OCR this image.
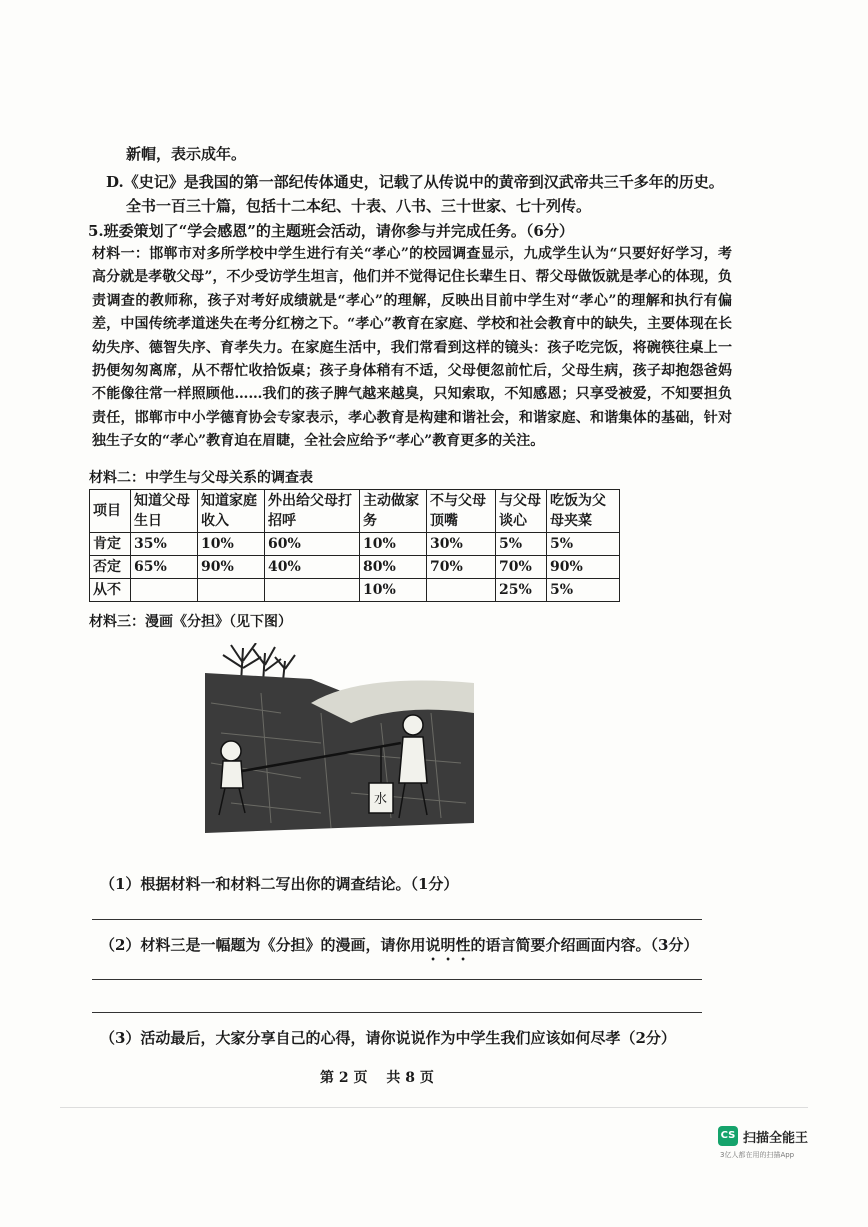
新帽，表示成年。
D.《史记》是我国的第一部纪传体通史，记载了从传说中的黄帝到汉武帝共三千多年的历史。
全书一百三十篇，包括十二本纪、十表、八书、三十世家、七十列传。
5.班委策划了“学会感恩”的主题班会活动，请你参与并完成任务。（6分）

材料一：邯郸市对多所学校中学生进行有关“孝心”的校园调查显示，九成学生认为“只要好好学习，考高分就是孝敬父母”，不少受访学生坦言，他们并不觉得记住长辈生日、帮父母做饭就是孝心的体现，负责调查的教师称，孩子对考好成绩就是“孝心”的理解，反映出目前中学生对“孝心”的理解和执行有偏差，中国传统孝道迷失在考分红榜之下。“孝心”教育在家庭、学校和社会教育中的缺失，主要体现在长幼失序、德智失序、育孝失力。在家庭生活中，我们常看到这样的镜头：孩子吃完饭，将碗筷往桌上一扔便匆匆离席，从不帮忙收拾饭桌；孩子身体稍有不适，父母便忽前忙后，父母生病，孩子却抱怨爸妈不能像往常一样照顾他……我们的孩子脾气越来越臭，只知索取，不知感恩；只享受被爱，不知要担负责任，邯郸市中小学德育协会专家表示，孝心教育是构建和谐社会，和谐家庭、和谐集体的基础，针对独生子女的“孝心”教育迫在眉睫，全社会应给予“孝心”教育更多的关注。

材料二：中学生与父母关系的调查表
项目	知道父母生日	知道家庭收入	外出给父母打招呼	主动做家务	不与父母顶嘴	与父母谈心	吃饭为父母夹菜
肯定	35%	10%	60%	10%	30%	5%	5%
否定	65%	90%	40%	80%	70%	70%	90%
从不				10%		25%	5%
材料三：漫画《分担》（见下图）
水
（1）根据材料一和材料二写出你的调查结论。（1分）
（2）材料三是一幅题为《分担》的漫画，请你用说明性的语言简要介绍画面内容。（3分）
（3）活动最后，大家分享自己的心得，请你说说作为中学生我们应该如何尽孝（2分）
第 2 页　 共 8 页
CS 扫描全能王
3亿人都在用的扫描App
